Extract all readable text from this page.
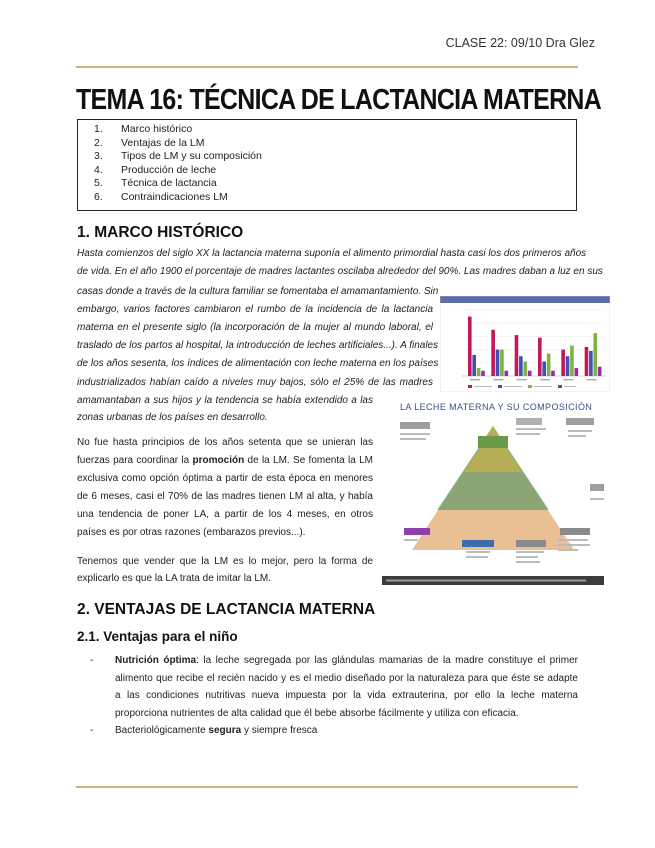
CLASE 22: 09/10 Dra Glez
TEMA 16: TÉCNICA DE LACTANCIA MATERNA
1. Marco histórico
2. Ventajas de la LM
3. Tipos de LM y su composición
4. Producción de leche
5. Técnica de lactancia
6. Contraindicaciones LM
1. MARCO HISTÓRICO
Hasta comienzos del siglo XX la lactancia materna suponía el alimento primordial hasta casi los dos primeros años
de vida. En el año 1900 el porcentaje de madres lactantes oscilaba alrededor del 90%. Las madres daban a luz en sus
casas donde a través de la cultura familiar se fomentaba el amamantamiento. Sin
embargo, varios factores cambiaron el rumbo de la incidencia de la lactancia
materna en el presente siglo (la incorporación de la mujer al mundo laboral, el
traslado de los partos al hospital, la introducción de leches artificiales...). A finales
de los años sesenta, los índices de alimentación con leche materna en los países
industrializados habían caído a niveles muy bajos, sólo el 25% de las madres
amamantaban a sus hijos y la tendencia se había extendido a las
zonas urbanas de los países en desarrollo.
No fue hasta principios de los años setenta que se unieran las
fuerzas para coordinar la promoción de la LM. Se fomenta la LM
exclusiva como opción óptima a partir de esta época en menores
de 6 meses, casi el 70% de las madres tienen LM al alta, y había
una tendencia de poner LA, a partir de los 4 meses, en otros
países es por otras razones (embarazos previos...).
Tenemos que vender que la LM es lo mejor, pero la forma de
explicarlo es que la LA trata de imitar la LM.
LA LECHE MATERNA Y SU COMPOSICIÓN
2. VENTAJAS DE LACTANCIA MATERNA
2.1. Ventajas para el niño
Nutrición óptima: la leche segregada por las glándulas mamarias de la madre constituye el primer
alimento que recibe el recién nacido y es el medio diseñado por la naturaleza para que éste se adapte
a las condiciones nutritivas nueva impuesta por la vida extrauterina, por ello la leche materna
proporciona nutrientes de alta calidad que él bebe absorbe fácilmente y utiliza con eficacia.
-
Bacteriológicamente segura y siempre fresca
-
